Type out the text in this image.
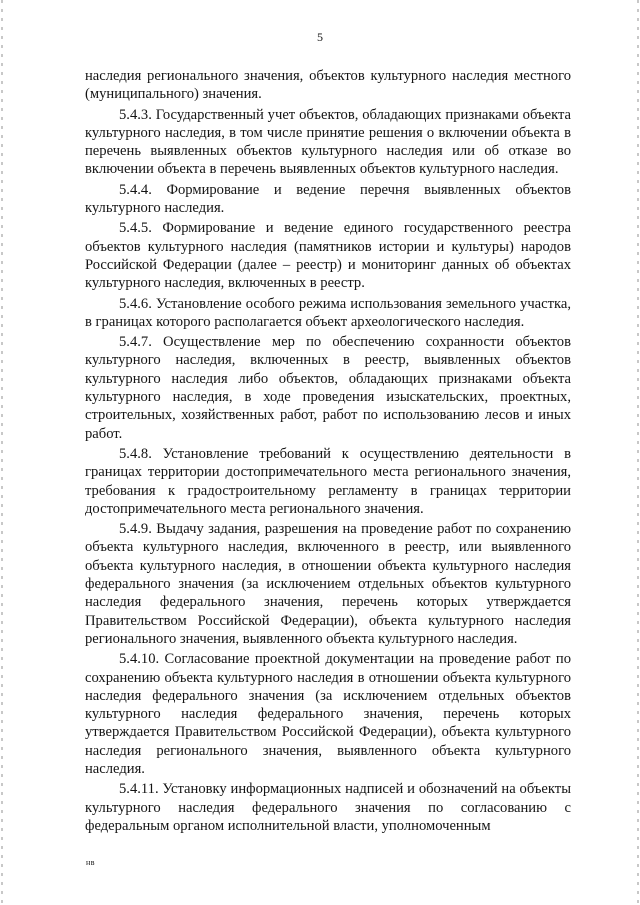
5

наследия регионального значения, объектов культурного наследия местного (муниципального) значения.

5.4.3. Государственный учет объектов, обладающих признаками объекта культурного наследия, в том числе принятие решения о включении объекта в перечень выявленных объектов культурного наследия или об отказе во включении объекта в перечень выявленных объектов культурного наследия.

5.4.4. Формирование и ведение перечня выявленных объектов культурного наследия.

5.4.5. Формирование и ведение единого государственного реестра объектов культурного наследия (памятников истории и культуры) народов Российской Федерации (далее – реестр) и мониторинг данных об объектах культурного наследия, включенных в реестр.

5.4.6. Установление особого режима использования земельного участка, в границах которого располагается объект археологического наследия.

5.4.7. Осуществление мер по обеспечению сохранности объектов культурного наследия, включенных в реестр, выявленных объектов культурного наследия либо объектов, обладающих признаками объекта культурного наследия, в ходе проведения изыскательских, проектных, строительных, хозяйственных работ, работ по использованию лесов и иных работ.

5.4.8. Установление требований к осуществлению деятельности в границах территории достопримечательного места регионального значения, требования к градостроительному регламенту в границах территории достопримечательного места регионального значения.

5.4.9. Выдачу задания, разрешения на проведение работ по сохранению объекта культурного наследия, включенного в реестр, или выявленного объекта культурного наследия, в отношении объекта культурного наследия федерального значения (за исключением отдельных объектов культурного наследия федерального значения, перечень которых утверждается Правительством Российской Федерации), объекта культурного наследия регионального значения, выявленного объекта культурного наследия.

5.4.10. Согласование проектной документации на проведение работ по сохранению объекта культурного наследия в отношении объекта культурного наследия федерального значения (за исключением отдельных объектов культурного наследия федерального значения, перечень которых утверждается Правительством Российской Федерации), объекта культурного наследия регионального значения, выявленного объекта культурного наследия.

5.4.11. Установку информационных надписей и обозначений на объекты культурного наследия федерального значения по согласованию с федеральным органом исполнительной власти, уполномоченным

нв
